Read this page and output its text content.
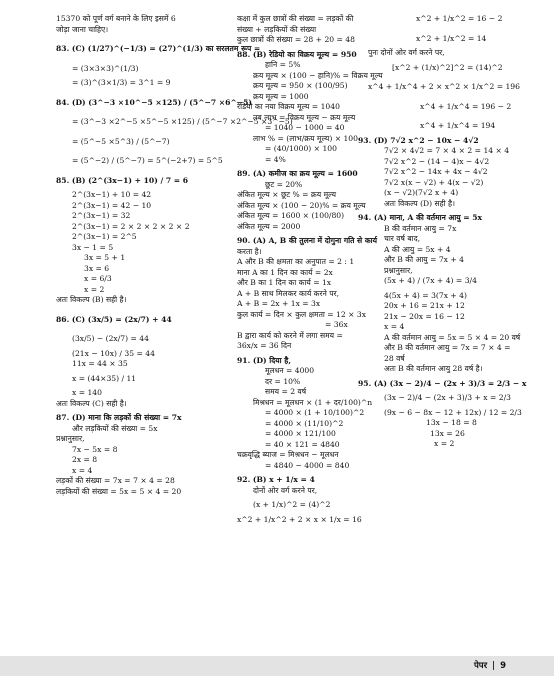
15370 को पूर्ण वर्ग बनाने के लिए इसमें 6
जोड़ा जाना चाहिए।
83. (C) (1/27)^(−1/3) = (27)^(1/3) का सरलतम रूप =
= (3×3×3)^(1/3)
= (3)^(3×1/3) = 3^1 = 9
84. (D) (3^−3 ×10^−5 ×125) / (5^−7 ×6^−5)
= (3^−3 ×2^−5 ×5^−5 ×125) / (5^−7 ×2^−5 ×3^−5)
= (5^−5 ×5^3) / (5^−7)
= (5^−2) / (5^−7) = 5^(−2+7) = 5^5
85. (B) (2^(3x−1) + 10) / 7 = 6
2^(3x−1) + 10 = 42
2^(3x−1) = 42 − 10
2^(3x−1) = 32
2^(3x−1) = 2 × 2 × 2 × 2 × 2
2^(3x−1) = 2^5
3x − 1 = 5
3x = 5 + 1
3x = 6
x = 6/3
x = 2
अतः विकल्प (B) सही है।
86. (C) (3x/5) = (2x/7) + 44
(3x/5) − (2x/7) = 44
(21x − 10x) / 35 = 44
11x = 44 × 35
x = (44×35) / 11
x = 140
अतः विकल्प (C) सही है।
87. (D) माना कि लड़कों की संख्या = 7x
और लड़कियों की संख्या = 5x
प्रश्नानुसार,
7x − 5x = 8
2x = 8
x = 4
लड़कों की संख्या = 7x = 7 × 4 = 28
लड़कियों की संख्या = 5x = 5 × 4 = 20
कक्षा में कुल छात्रों की संख्या = लड़कों की
संख्या + लड़कियों की संख्या
कुल छात्रों की संख्या = 28 + 20 = 48
88. (B) रेडियो का विक्रय मूल्य = 950
हानि = 5%
क्रय मूल्य × (100 − हानि)% = विक्रय मूल्य
क्रय मूल्य = 950 × (100/95)
क्रय मूल्य = 1000
रेडियो का नया विक्रय मूल्य = 1040
तब लाभ = विक्रय मूल्य − क्रय मूल्य
= 1040 − 1000 = 40
लाभ % = (लाभ/क्रय मूल्य) × 100
= (40/1000) × 100
= 4%
89. (A) कमीज का क्रय मूल्य = 1600
छूट = 20%
अंकित मूल्य × छूट % = क्रय मूल्य
अंकित मूल्य × (100 − 20)% = क्रय मूल्य
अंकित मूल्य = 1600 × (100/80)
अंकित मूल्य = 2000
90. (A) A, B की तुलना में दोगुना गति से कार्य
करता है।
A और B की क्षमता का अनुपात = 2 : 1
माना A का 1 दिन का कार्य = 2x
और B का 1 दिन का कार्य = 1x
A + B साथ मिलकर कार्य करने पर,
A + B = 2x + 1x = 3x
कुल कार्य = दिन × कुल क्षमता = 12 × 3x
= 36x
B द्वारा कार्य को करने में लगा समय =
36x/x = 36 दिन
91. (D) दिया है,
मूलधन = 4000
दर = 10%
समय = 2 वर्ष
मिश्रधन = मूलधन × (1 + दर/100)^n
= 4000 × (1 + 10/100)^2
= 4000 × (11/10)^2
= 4000 × 121/100
= 40 × 121 = 4840
चक्रवृद्धि ब्याज = मिश्रधन − मूलधन
= 4840 − 4000 = 840
92. (B) x + 1/x = 4
दोनों ओर वर्ग करने पर,
(x + 1/x)^2 = (4)^2
x^2 + 1/x^2 + 2 × x × 1/x = 16
x^2 + 1/x^2 = 16 − 2
x^2 + 1/x^2 = 14
पुनः दोनों ओर वर्ग करने पर,
[x^2 + (1/x)^2]^2 = (14)^2
x^4 + 1/x^4 + 2 × x^2 × 1/x^2 = 196
x^4 + 1/x^4 = 196 − 2
x^4 + 1/x^4 = 194
93. (D) 7√2 x^2 − 10x − 4√2
7√2 × 4√2 = 7 × 4 × 2 = 14 × 4
7√2 x^2 − (14 − 4)x − 4√2
7√2 x^2 − 14x + 4x − 4√2
7√2 x(x − √2) + 4(x − √2)
(x − √2)(7√2 x + 4)
अतः विकल्प (D) सही है।
94. (A) माना, A की वर्तमान आयु = 5x
B की वर्तमान आयु = 7x
चार वर्ष बाद,
A की आयु = 5x + 4
और B की आयु = 7x + 4
प्रश्नानुसार,
(5x + 4) / (7x + 4) = 3/4
4(5x + 4) = 3(7x + 4)
20x + 16 = 21x + 12
21x − 20x = 16 − 12
x = 4
A की वर्तमान आयु = 5x = 5 × 4 = 20 वर्ष
और B की वर्तमान आयु = 7x = 7 × 4 =
28 वर्ष
अतः B की वर्तमान आयु 28 वर्ष है।
95. (A) (3x − 2)/4 − (2x + 3)/3 = 2/3 − x
(3x − 2)/4 − (2x + 3)/3 + x = 2/3
(9x − 6 − 8x − 12 + 12x) / 12 = 2/3
13x − 18 = 8
13x = 26
x = 2
पेपर 9
